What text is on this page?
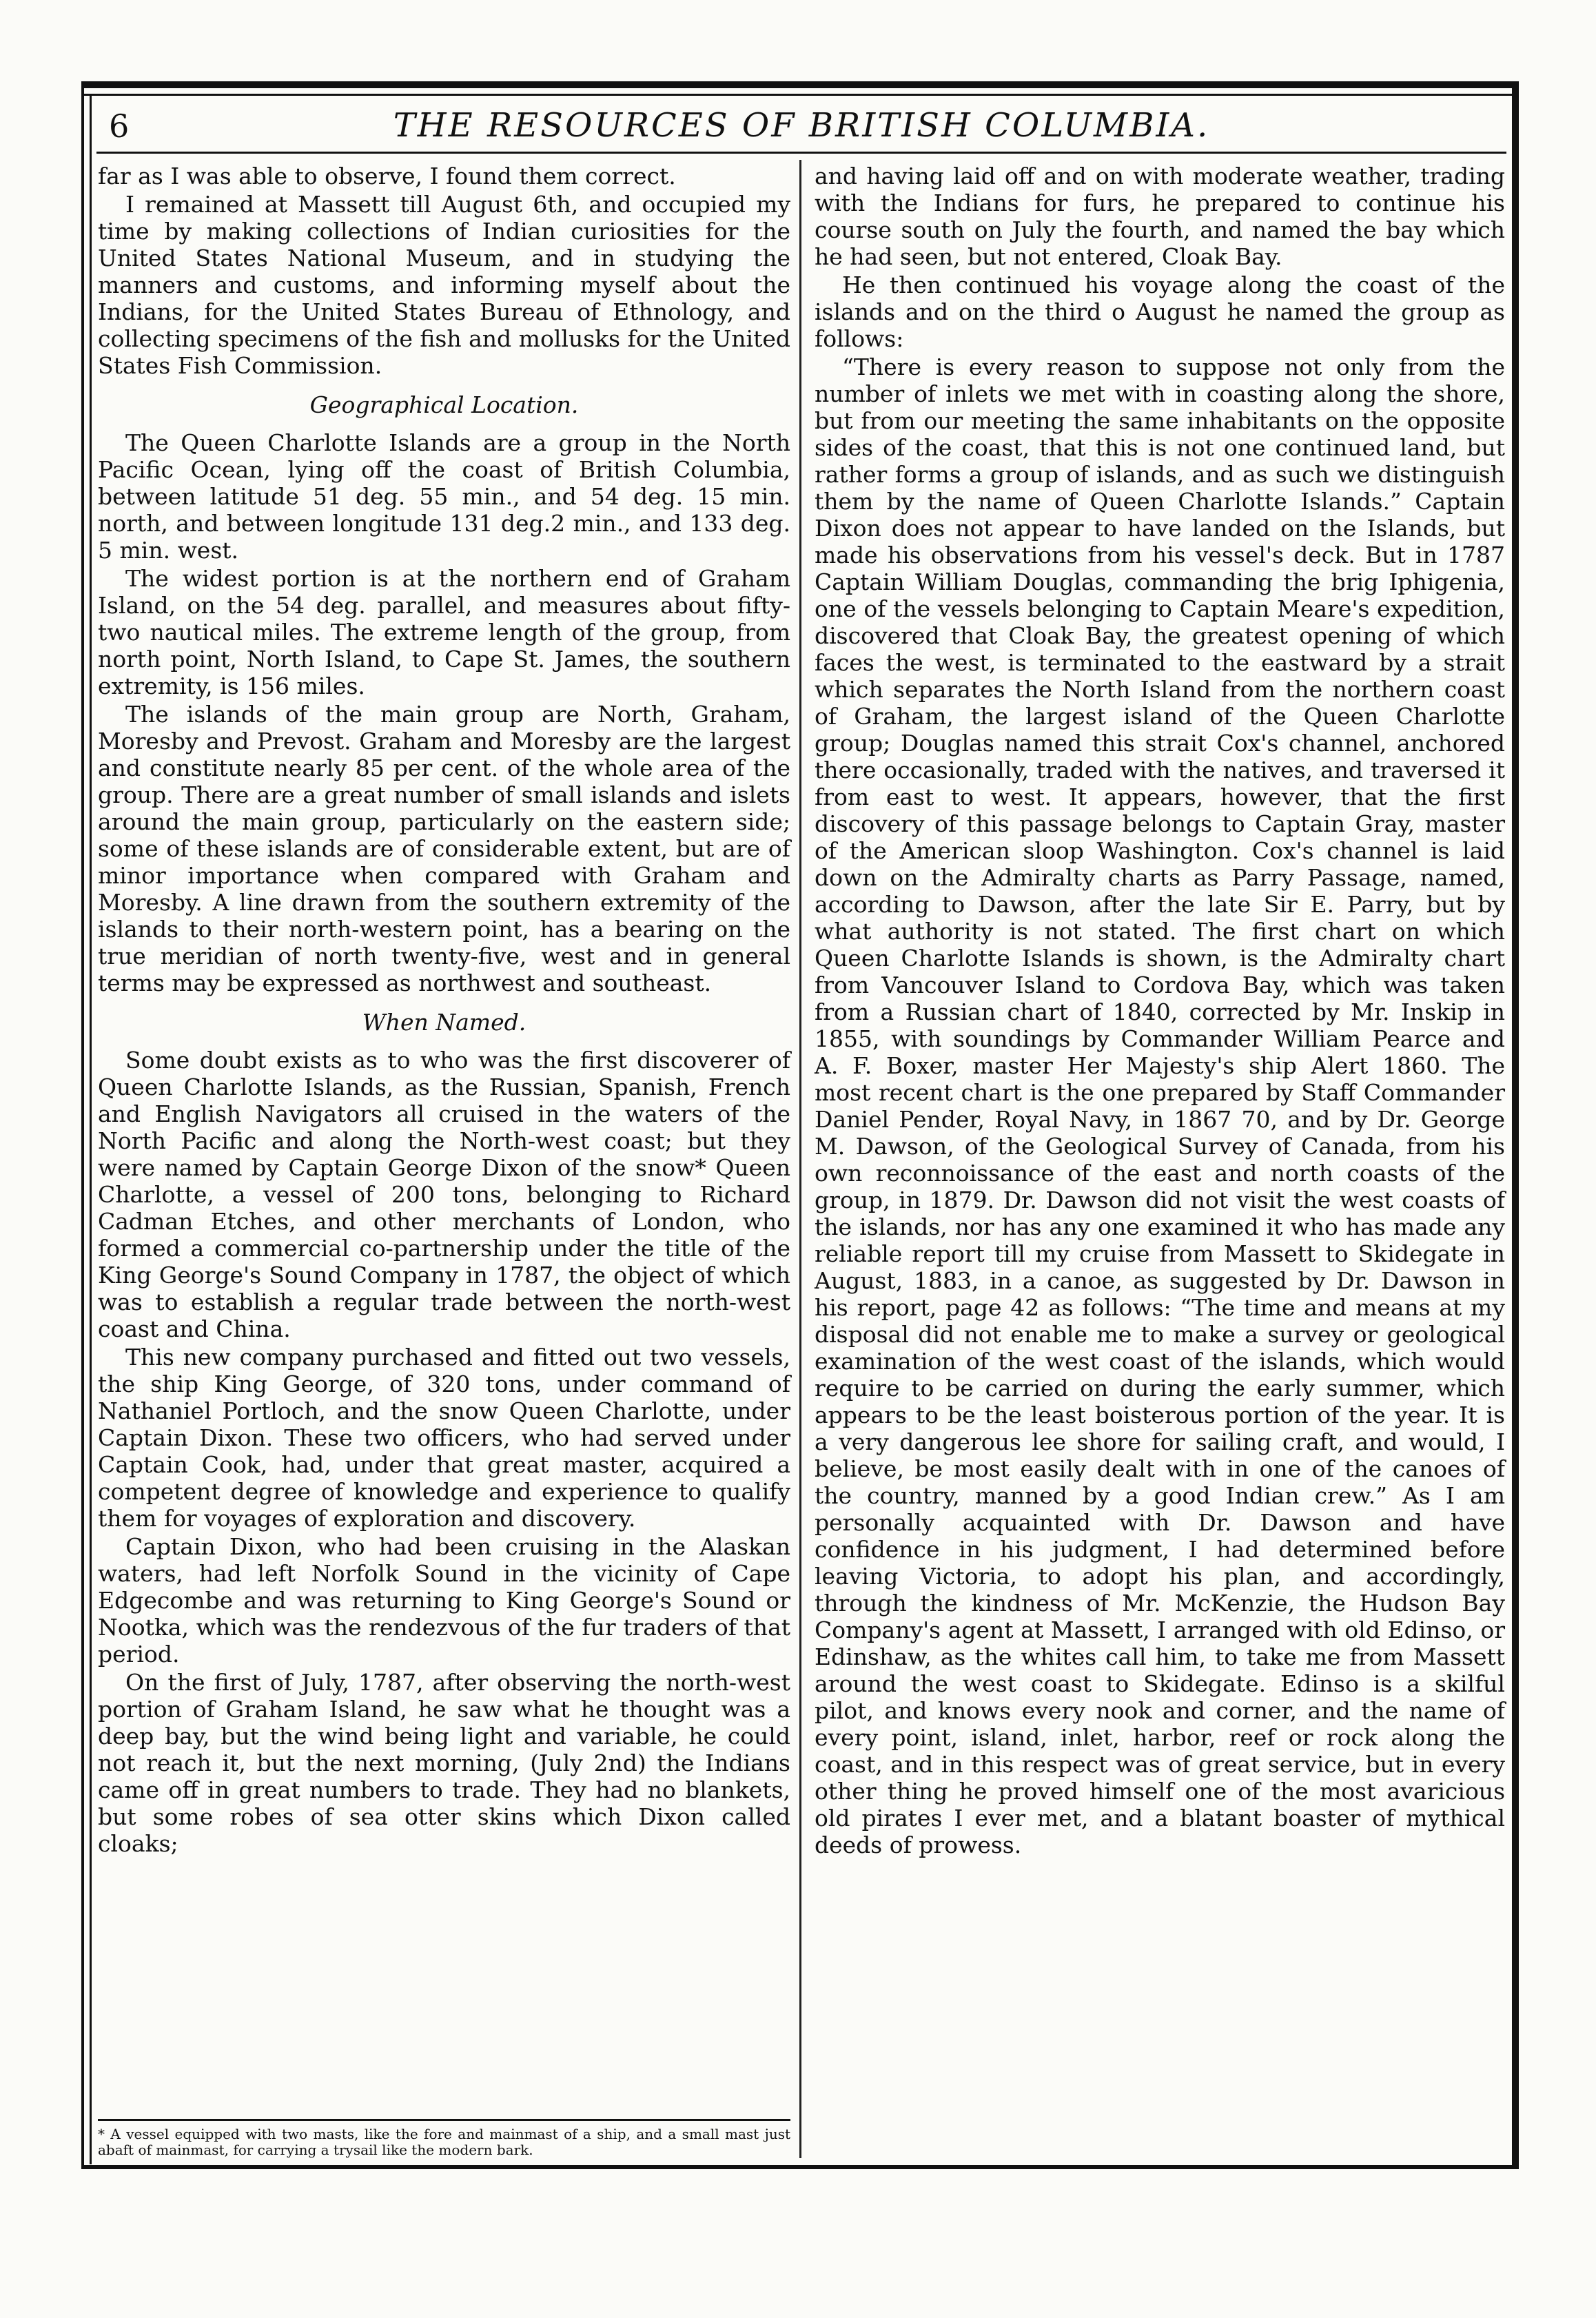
6	THE RESOURCES OF BRITISH COLUMBIA.

far as I was able to observe, I found them correct.

I remained at Massett till August 6th, and occupied my time by making collections of Indian curiosities for the United States National Museum, and in studying the manners and customs, and informing myself about the Indians, for the United States Bureau of Ethnology, and collecting specimens of the fish and mollusks for the United States Fish Commission.

Geographical Location.

The Queen Charlotte Islands are a group in the North Pacific Ocean, lying off the coast of British Columbia, between latitude 51 deg. 55 min., and 54 deg. 15 min. north, and between longitude 131 deg.2 min., and 133 deg. 5 min. west.

The widest portion is at the northern end of Graham Island, on the 54 deg. parallel, and measures about fifty-two nautical miles. The extreme length of the group, from north point, North Island, to Cape St. James, the southern extremity, is 156 miles.

The islands of the main group are North, Graham, Moresby and Prevost. Graham and Moresby are the largest and constitute nearly 85 per cent. of the whole area of the group. There are a great number of small islands and islets around the main group, particularly on the eastern side; some of these islands are of considerable extent, but are of minor importance when compared with Graham and Moresby. A line drawn from the southern extremity of the islands to their north-western point, has a bearing on the true meridian of north twenty-five, west and in general terms may be expressed as northwest and southeast.

When Named.

Some doubt exists as to who was the first discoverer of Queen Charlotte Islands, as the Russian, Spanish, French and English Navigators all cruised in the waters of the North Pacific and along the North-west coast; but they were named by Captain George Dixon of the snow* Queen Charlotte, a vessel of 200 tons, belonging to Richard Cadman Etches, and other merchants of London, who formed a commercial co-partnership under the title of the King George's Sound Company in 1787, the object of which was to establish a regular trade between the north-west coast and China.

This new company purchased and fitted out two vessels, the ship King George, of 320 tons, under command of Nathaniel Portloch, and the snow Queen Charlotte, under Captain Dixon. These two officers, who had served under Captain Cook, had, under that great master, acquired a competent degree of knowledge and experience to qualify them for voyages of exploration and discovery.

Captain Dixon, who had been cruising in the Alaskan waters, had left Norfolk Sound in the vicinity of Cape Edgecombe and was returning to King George's Sound or Nootka, which was the rendezvous of the fur traders of that period.

On the first of July, 1787, after observing the north-west portion of Graham Island, he saw what he thought was a deep bay, but the wind being light and variable, he could not reach it, but the next morning, (July 2nd) the Indians came off in great numbers to trade. They had no blankets, but some robes of sea otter skins which Dixon called cloaks;

* A vessel equipped with two masts, like the fore and mainmast of a ship, and a small mast just abaft of mainmast, for carrying a trysail like the modern bark.

and having laid off and on with moderate weather, trading with the Indians for furs, he prepared to continue his course south on July the fourth, and named the bay which he had seen, but not entered, Cloak Bay.

He then continued his voyage along the coast of the islands and on the third o August he named the group as follows:

“There is every reason to suppose not only from the number of inlets we met with in coasting along the shore, but from our meeting the same inhabitants on the opposite sides of the coast, that this is not one continued land, but rather forms a group of islands, and as such we distinguish them by the name of Queen Charlotte Islands.” Captain Dixon does not appear to have landed on the Islands, but made his observations from his vessel's deck. But in 1787 Captain William Douglas, commanding the brig Iphigenia, one of the vessels belonging to Captain Meare's expedition, discovered that Cloak Bay, the greatest opening of which faces the west, is terminated to the eastward by a strait which separates the North Island from the northern coast of Graham, the largest island of the Queen Charlotte group; Douglas named this strait Cox's channel, anchored there occasionally, traded with the natives, and traversed it from east to west. It appears, however, that the first discovery of this passage belongs to Captain Gray, master of the American sloop Washington. Cox's channel is laid down on the Admiralty charts as Parry Passage, named, according to Dawson, after the late Sir E. Parry, but by what authority is not stated. The first chart on which Queen Charlotte Islands is shown, is the Admiralty chart from Vancouver Island to Cordova Bay, which was taken from a Russian chart of 1840, corrected by Mr. Inskip in 1855, with soundings by Commander William Pearce and A. F. Boxer, master Her Majesty's ship Alert 1860. The most recent chart is the one prepared by Staff Commander Daniel Pender, Royal Navy, in 1867 70, and by Dr. George M. Dawson, of the Geological Survey of Canada, from his own reconnoissance of the east and north coasts of the group, in 1879. Dr. Dawson did not visit the west coasts of the islands, nor has any one examined it who has made any reliable report till my cruise from Massett to Skidegate in August, 1883, in a canoe, as suggested by Dr. Dawson in his report, page 42 as follows: “The time and means at my disposal did not enable me to make a survey or geological examination of the west coast of the islands, which would require to be carried on during the early summer, which appears to be the least boisterous portion of the year. It is a very dangerous lee shore for sailing craft, and would, I believe, be most easily dealt with in one of the canoes of the country, manned by a good Indian crew.” As I am personally acquainted with Dr. Dawson and have confidence in his judgment, I had determined before leaving Victoria, to adopt his plan, and accordingly, through the kindness of Mr. McKenzie, the Hudson Bay Company's agent at Massett, I arranged with old Edinso, or Edinshaw, as the whites call him, to take me from Massett around the west coast to Skidegate. Edinso is a skilful pilot, and knows every nook and corner, and the name of every point, island, inlet, harbor, reef or rock along the coast, and in this respect was of great service, but in every other thing he proved himself one of the most avaricious old pirates I ever met, and a blatant boaster of mythical deeds of prowess.
